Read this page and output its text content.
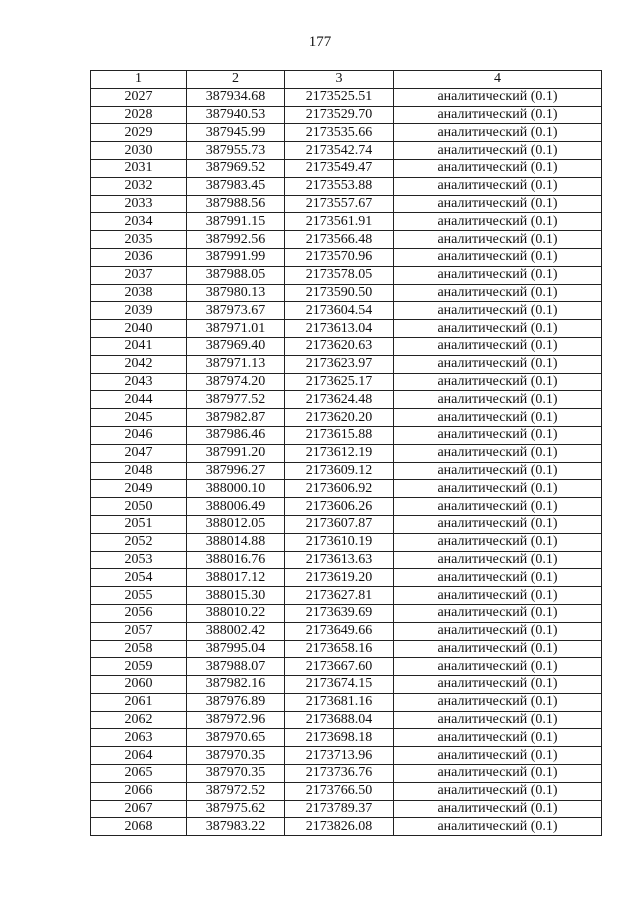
177
1	2	3	4
2027	387934.68	2173525.51	аналитический (0.1)
2028	387940.53	2173529.70	аналитический (0.1)
2029	387945.99	2173535.66	аналитический (0.1)
2030	387955.73	2173542.74	аналитический (0.1)
2031	387969.52	2173549.47	аналитический (0.1)
2032	387983.45	2173553.88	аналитический (0.1)
2033	387988.56	2173557.67	аналитический (0.1)
2034	387991.15	2173561.91	аналитический (0.1)
2035	387992.56	2173566.48	аналитический (0.1)
2036	387991.99	2173570.96	аналитический (0.1)
2037	387988.05	2173578.05	аналитический (0.1)
2038	387980.13	2173590.50	аналитический (0.1)
2039	387973.67	2173604.54	аналитический (0.1)
2040	387971.01	2173613.04	аналитический (0.1)
2041	387969.40	2173620.63	аналитический (0.1)
2042	387971.13	2173623.97	аналитический (0.1)
2043	387974.20	2173625.17	аналитический (0.1)
2044	387977.52	2173624.48	аналитический (0.1)
2045	387982.87	2173620.20	аналитический (0.1)
2046	387986.46	2173615.88	аналитический (0.1)
2047	387991.20	2173612.19	аналитический (0.1)
2048	387996.27	2173609.12	аналитический (0.1)
2049	388000.10	2173606.92	аналитический (0.1)
2050	388006.49	2173606.26	аналитический (0.1)
2051	388012.05	2173607.87	аналитический (0.1)
2052	388014.88	2173610.19	аналитический (0.1)
2053	388016.76	2173613.63	аналитический (0.1)
2054	388017.12	2173619.20	аналитический (0.1)
2055	388015.30	2173627.81	аналитический (0.1)
2056	388010.22	2173639.69	аналитический (0.1)
2057	388002.42	2173649.66	аналитический (0.1)
2058	387995.04	2173658.16	аналитический (0.1)
2059	387988.07	2173667.60	аналитический (0.1)
2060	387982.16	2173674.15	аналитический (0.1)
2061	387976.89	2173681.16	аналитический (0.1)
2062	387972.96	2173688.04	аналитический (0.1)
2063	387970.65	2173698.18	аналитический (0.1)
2064	387970.35	2173713.96	аналитический (0.1)
2065	387970.35	2173736.76	аналитический (0.1)
2066	387972.52	2173766.50	аналитический (0.1)
2067	387975.62	2173789.37	аналитический (0.1)
2068	387983.22	2173826.08	аналитический (0.1)
